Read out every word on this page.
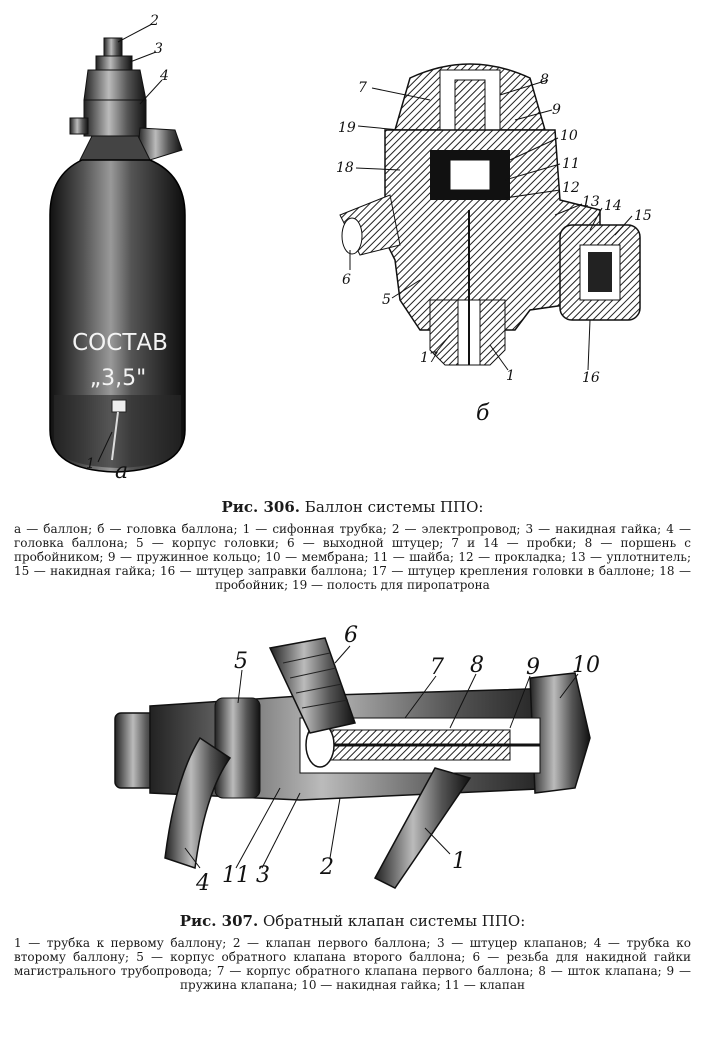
СОСТАВ
„3,5"
2
3
4
1 а
7	8
9
19	10
18	11
12
13 14
15
6
5
17
1	16
б
Рис. 306. Баллон системы ППО:
а — баллон; б — головка баллона; 1 — сифонная трубка; 2 — электропровод; 3 — накидная гайка; 4 — головка баллона; 5 — корпус головки; 6 — выходной штуцер; 7 и 14 — пробки; 8 — поршень с пробойником; 9 — пружинное кольцо; 10 — мембрана; 11 — шайба; 12 — прокладка; 13 — уплотнитель; 15 — накидная гайка; 16 — штуцер заправки баллона; 17 — штуцер крепления головки в баллоне; 18 — пробойник; 19 — полость для пиропатрона
5
6
7 8 9 10
4 11 3 2	1
Рис. 307. Обратный клапан системы ППО:
1 — трубка к первому баллону; 2 — клапан первого баллона; 3 — штуцер клапанов; 4 — трубка ко второму баллону; 5 — корпус обратного клапана второго баллона; 6 — резьба для накидной гайки магистрального трубопровода; 7 — корпус обратного клапана первого баллона; 8 — шток клапана; 9 — пружина клапана; 10 — накидная гайка; 11 — клапан
